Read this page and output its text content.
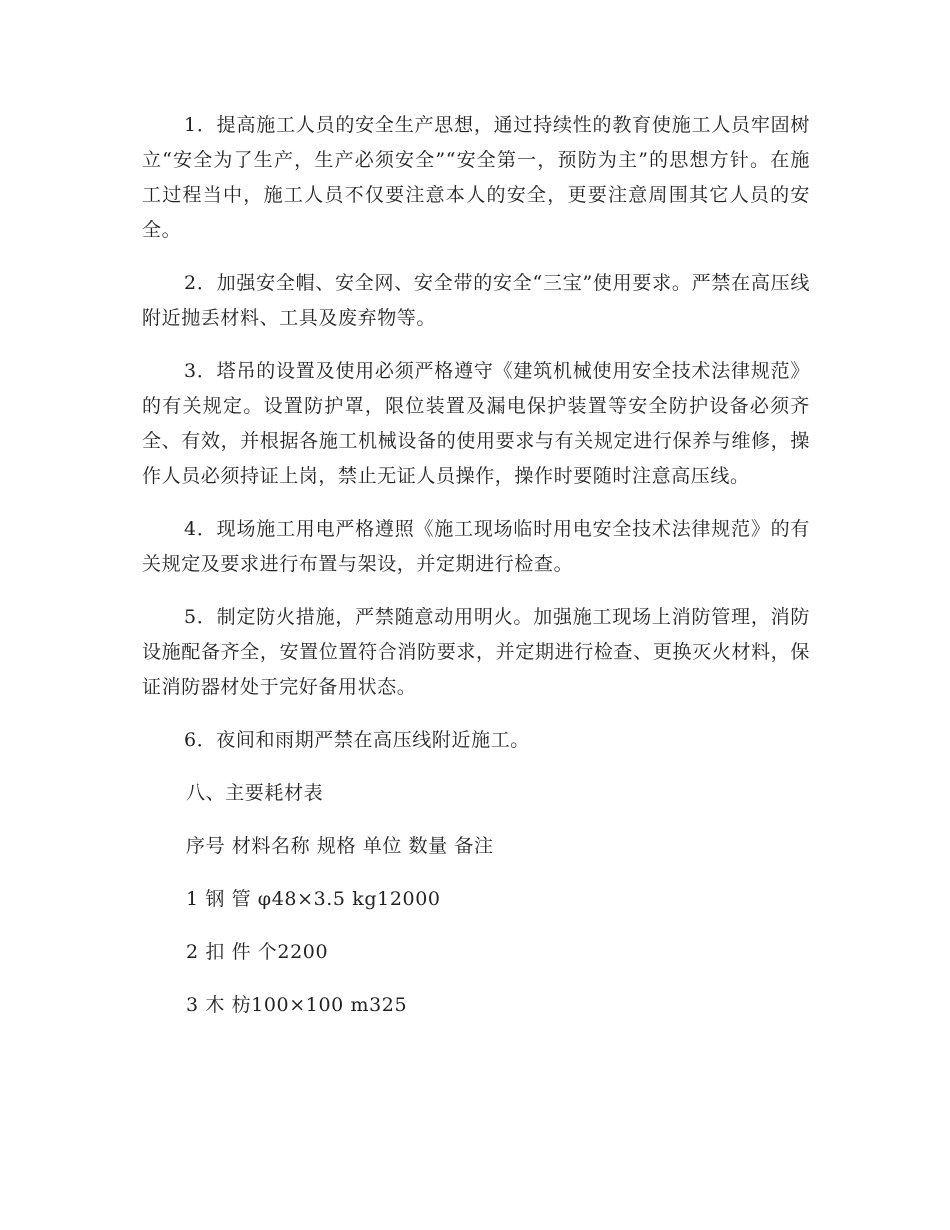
1．提高施工人员的安全生产思想，通过持续性的教育使施工人员牢固树立“安全为了生产，生产必须安全”“安全第一，预防为主”的思想方针。在施工过程当中，施工人员不仅要注意本人的安全，更要注意周围其它人员的安全。

2．加强安全帽、安全网、安全带的安全“三宝”使用要求。严禁在高压线附近抛丢材料、工具及废弃物等。

3．塔吊的设置及使用必须严格遵守《建筑机械使用安全技术法律规范》的有关规定。设置防护罩，限位装置及漏电保护装置等安全防护设备必须齐全、有效，并根据各施工机械设备的使用要求与有关规定进行保养与维修，操作人员必须持证上岗，禁止无证人员操作，操作时要随时注意高压线。

4．现场施工用电严格遵照《施工现场临时用电安全技术法律规范》的有关规定及要求进行布置与架设，并定期进行检查。

5．制定防火措施，严禁随意动用明火。加强施工现场上消防管理，消防设施配备齐全，安置位置符合消防要求，并定期进行检查、更换灭火材料，保证消防器材处于完好备用状态。

6．夜间和雨期严禁在高压线附近施工。

八、主要耗材表

序号 材料名称 规格 单位 数量 备注

1 钢 管 φ48×3.5 kg12000

2 扣 件 个2200

3 木 枋100×100 m325
